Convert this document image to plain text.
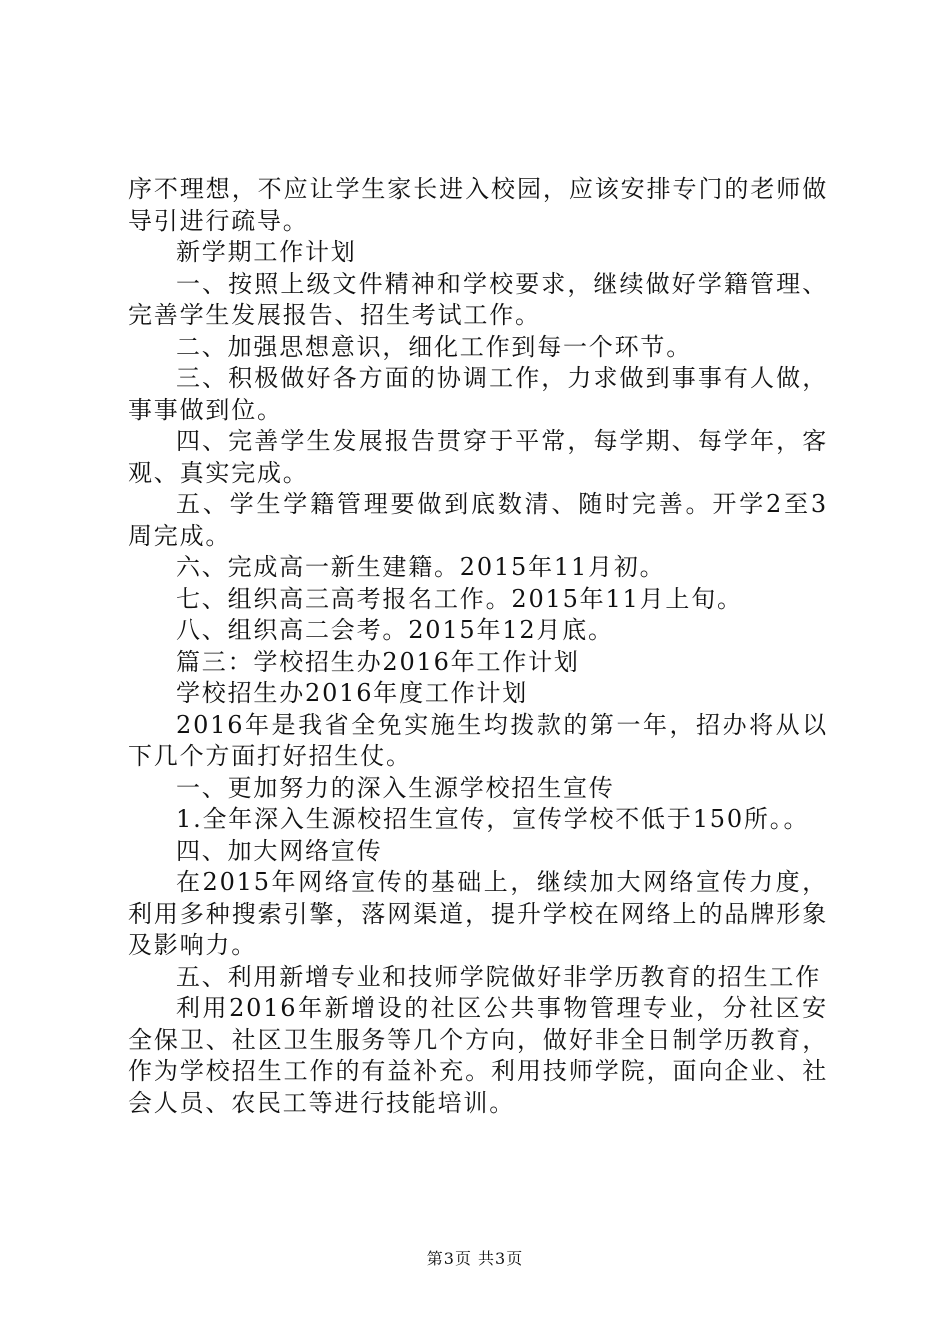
序不理想，不应让学生家长进入校园，应该安排专门的老师做导引进行疏导。

新学期工作计划

一、按照上级文件精神和学校要求，继续做好学籍管理、完善学生发展报告、招生考试工作。

二、加强思想意识，细化工作到每一个环节。

三、积极做好各方面的协调工作，力求做到事事有人做，事事做到位。

四、完善学生发展报告贯穿于平常，每学期、每学年，客观、真实完成。

五、学生学籍管理要做到底数清、随时完善。开学2至3周完成。

六、完成高一新生建籍。2015年11月初。

七、组织高三高考报名工作。2015年11月上旬。

八、组织高二会考。2015年12月底。

篇三：学校招生办2016年工作计划

学校招生办2016年度工作计划

2016年是我省全免实施生均拨款的第一年，招办将从以下几个方面打好招生仗。

一、更加努力的深入生源学校招生宣传

1.全年深入生源校招生宣传，宣传学校不低于150所。。

四、加大网络宣传

在2015年网络宣传的基础上，继续加大网络宣传力度，利用多种搜索引擎，落网渠道，提升学校在网络上的品牌形象及影响力。

五、利用新增专业和技师学院做好非学历教育的招生工作

利用2016年新增设的社区公共事物管理专业，分社区安全保卫、社区卫生服务等几个方向，做好非全日制学历教育，作为学校招生工作的有益补充。利用技师学院，面向企业、社会人员、农民工等进行技能培训。

第3页 共3页
